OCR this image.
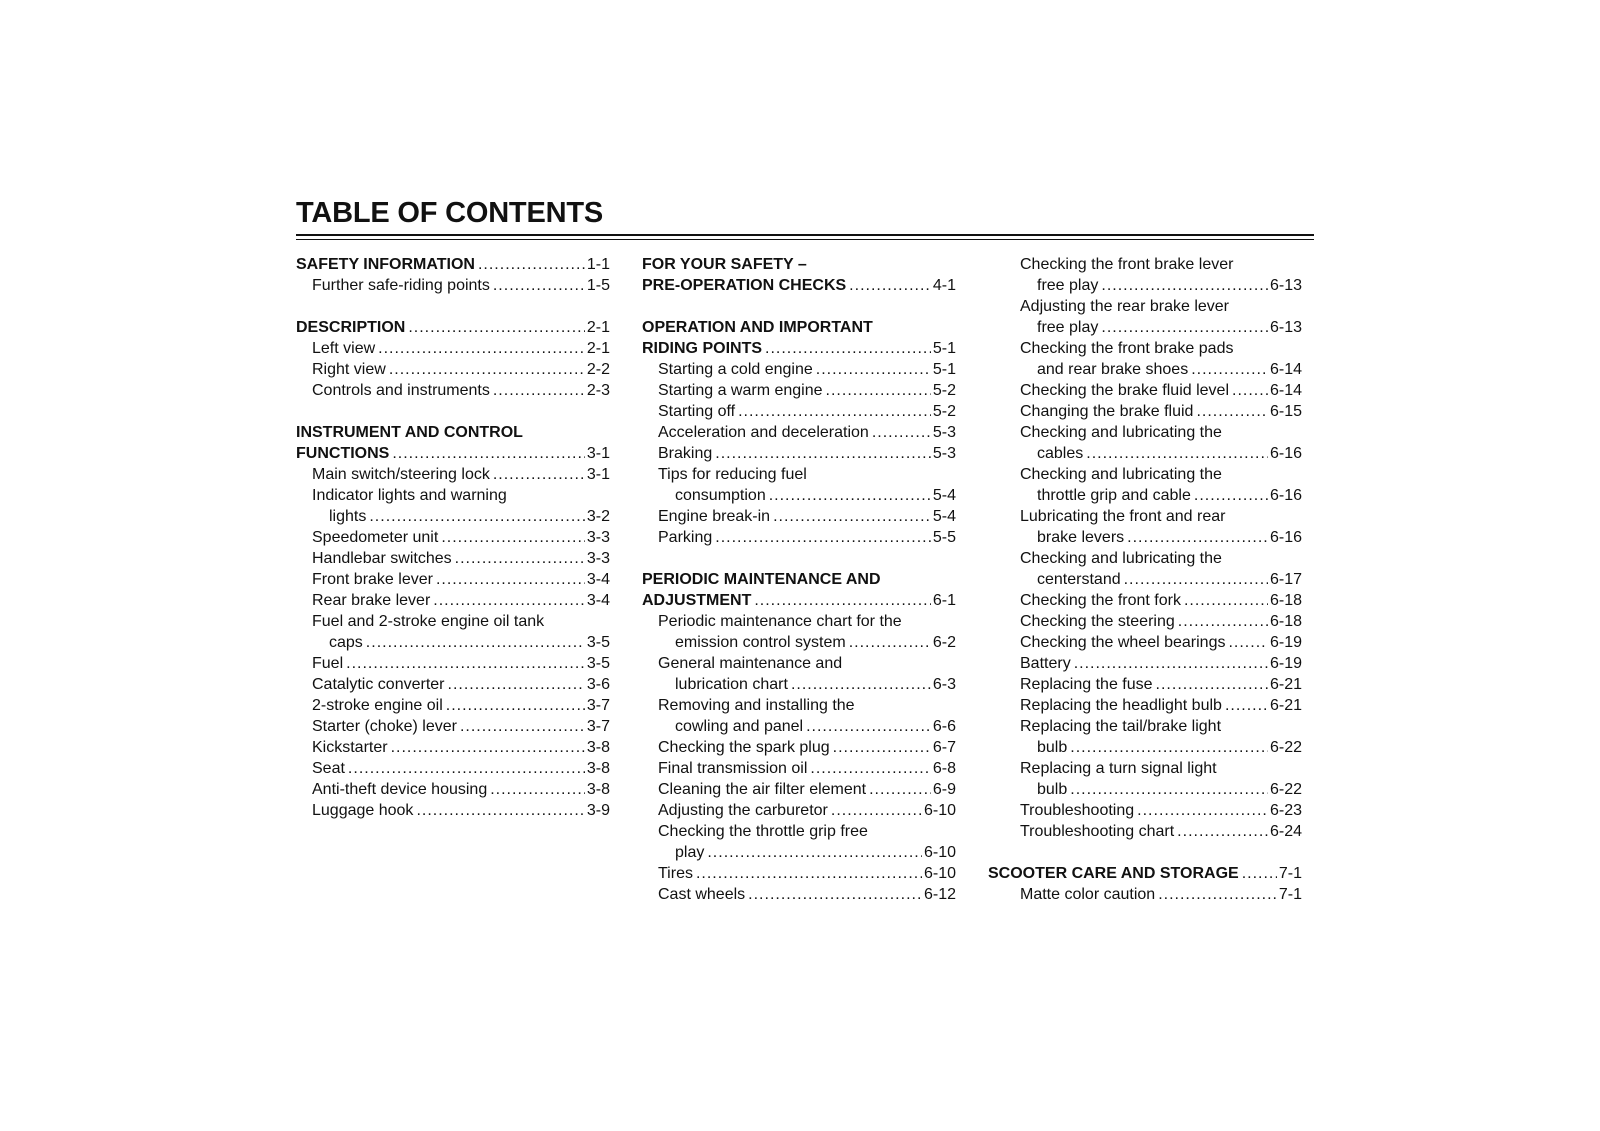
TABLE OF CONTENTS
SAFETY INFORMATION .....	1-1
Further safe-riding points .....	1-5
DESCRIPTION .....	2-1
Left view .....	2-1
Right view .....	2-2
Controls and instruments .....	2-3
INSTRUMENT AND CONTROL
FUNCTIONS .....	3-1
Main switch/steering lock .....	3-1
Indicator lights and warning
lights .....	3-2
Speedometer unit .....	3-3
Handlebar switches .....	3-3
Front brake lever .....	3-4
Rear brake lever .....	3-4
Fuel and 2-stroke engine oil tank
caps .....	3-5
Fuel .....	3-5
Catalytic converter .....	3-6
2-stroke engine oil .....	3-7
Starter (choke) lever .....	3-7
Kickstarter .....	3-8
Seat .....	3-8
Anti-theft device housing .....	3-8
Luggage hook .....	3-9
FOR YOUR SAFETY –
PRE-OPERATION CHECKS .....	4-1
OPERATION AND IMPORTANT
RIDING POINTS .....	5-1
Starting a cold engine .....	5-1
Starting a warm engine .....	5-2
Starting off .....	5-2
Acceleration and deceleration .....	5-3
Braking .....	5-3
Tips for reducing fuel
consumption .....	5-4
Engine break-in .....	5-4
Parking .....	5-5
PERIODIC MAINTENANCE AND
ADJUSTMENT .....	6-1
Periodic maintenance chart for the
emission control system .....	6-2
General maintenance and
lubrication chart .....	6-3
Removing and installing the
cowling and panel .....	6-6
Checking the spark plug .....	6-7
Final transmission oil .....	6-8
Cleaning the air filter element .....	6-9
Adjusting the carburetor .....	6-10
Checking the throttle grip free
play .....	6-10
Tires .....	6-10
Cast wheels .....	6-12
Checking the front brake lever
free play .....	6-13
Adjusting the rear brake lever
free play .....	6-13
Checking the front brake pads
and rear brake shoes .....	6-14
Checking the brake fluid level .....	6-14
Changing the brake fluid .....	6-15
Checking and lubricating the
cables .....	6-16
Checking and lubricating the
throttle grip and cable .....	6-16
Lubricating the front and rear
brake levers .....	6-16
Checking and lubricating the
centerstand .....	6-17
Checking the front fork .....	6-18
Checking the steering .....	6-18
Checking the wheel bearings .....	6-19
Battery .....	6-19
Replacing the fuse .....	6-21
Replacing the headlight bulb .....	6-21
Replacing the tail/brake light
bulb .....	6-22
Replacing a turn signal light
bulb .....	6-22
Troubleshooting .....	6-23
Troubleshooting chart .....	6-24
SCOOTER CARE AND STORAGE .....	7-1
Matte color caution .....	7-1
